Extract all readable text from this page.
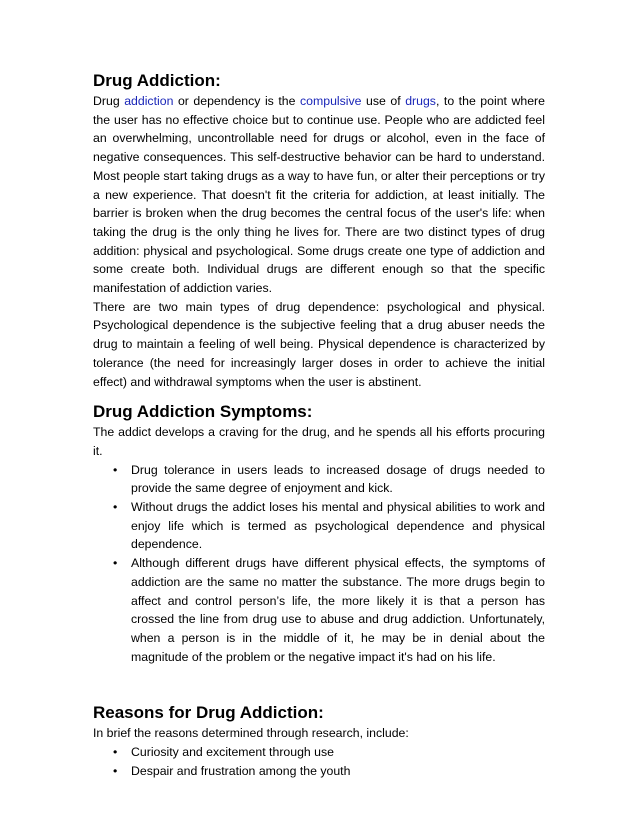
Drug Addiction:

Drug addiction or dependency is the compulsive use of drugs, to the point where the user has no effective choice but to continue use. People who are addicted feel an overwhelming, uncontrollable need for drugs or alcohol, even in the face of negative consequences. This self-destructive behavior can be hard to understand. Most people start taking drugs as a way to have fun, or alter their perceptions or try a new experience. That doesn't fit the criteria for addiction, at least initially. The barrier is broken when the drug becomes the central focus of the user's life: when taking the drug is the only thing he lives for. There are two distinct types of drug addition: physical and psychological. Some drugs create one type of addiction and some create both. Individual drugs are different enough so that the specific manifestation of addiction varies.

There are two main types of drug dependence: psychological and physical. Psychological dependence is the subjective feeling that a drug abuser needs the drug to maintain a feeling of well being. Physical dependence is characterized by tolerance (the need for increasingly larger doses in order to achieve the initial effect) and withdrawal symptoms when the user is abstinent.

Drug Addiction Symptoms:

The addict develops a craving for the drug, and he spends all his efforts procuring it.

• Drug tolerance in users leads to increased dosage of drugs needed to provide the same degree of enjoyment and kick.
• Without drugs the addict loses his mental and physical abilities to work and enjoy life which is termed as psychological dependence and physical dependence.
• Although different drugs have different physical effects, the symptoms of addiction are the same no matter the substance. The more drugs begin to affect and control person’s life, the more likely it is that a person has crossed the line from drug use to abuse and drug addiction. Unfortunately, when a person is in the middle of it, he may be in denial about the magnitude of the problem or the negative impact it's had on his life.
Reasons for Drug Addiction:

In brief the reasons determined through research, include:

• Curiosity and excitement through use
• Despair and frustration among the youth
